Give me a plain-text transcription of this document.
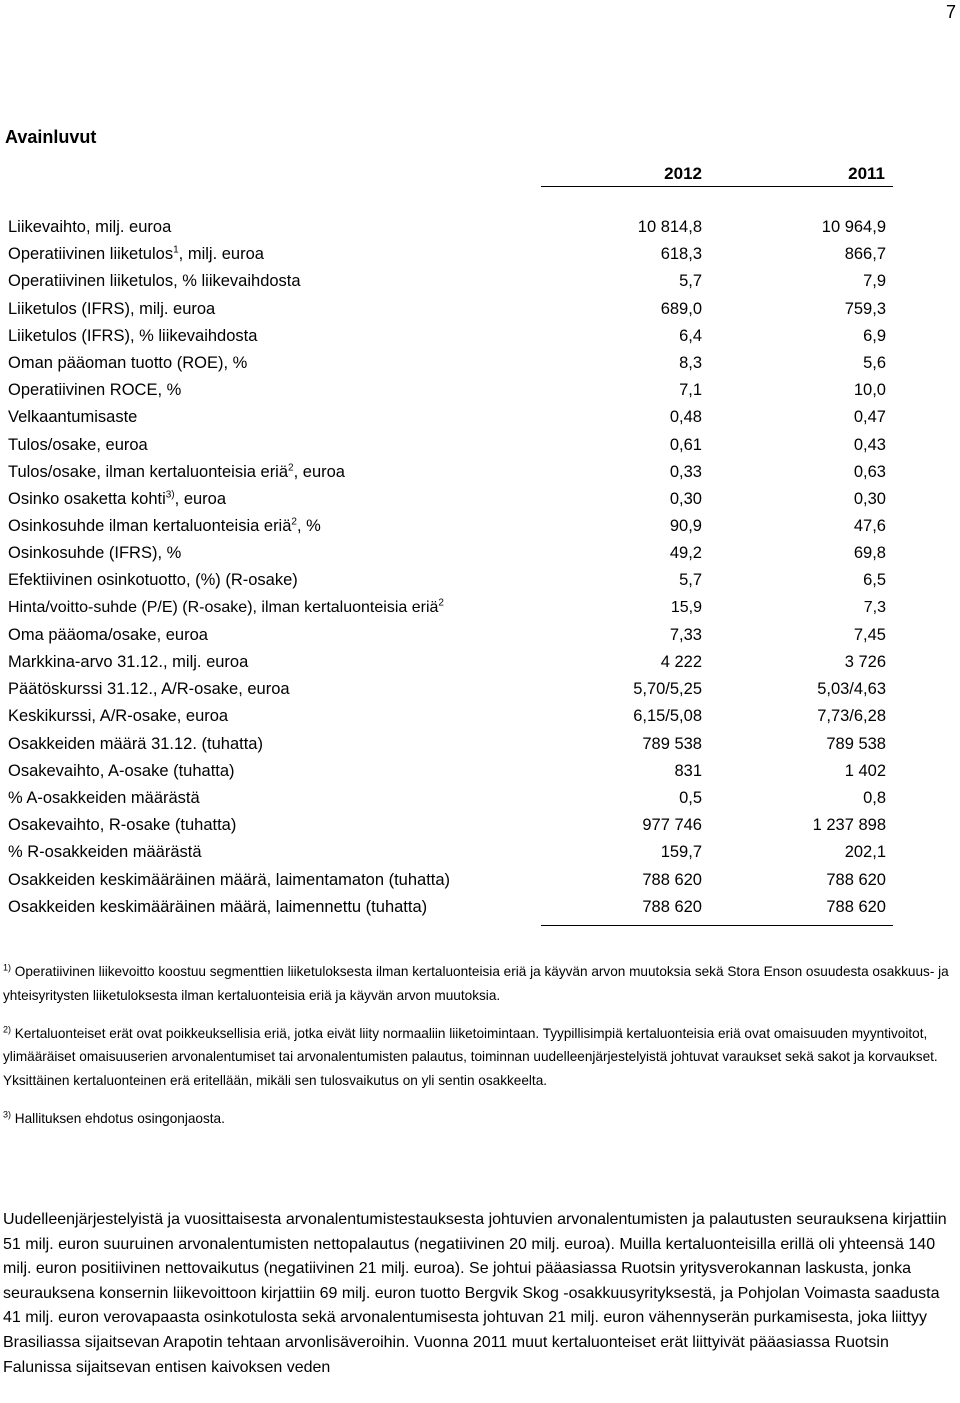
7
Avainluvut
2012	2011
Liikevaihto, milj. euroa	10 814,8	10 964,9
Operatiivinen liiketulos$^1$, milj. euroa	618,3	866,7
Operatiivinen liiketulos, % liikevaihdosta	5,7	7,9
Liiketulos (IFRS), milj. euroa	689,0	759,3
Liiketulos (IFRS), % liikevaihdosta	6,4	6,9
Oman pääoman tuotto (ROE), %	8,3	5,6
Operatiivinen ROCE, %	7,1	10,0
Velkaantumisaste	0,48	0,47
Tulos/osake, euroa	0,61	0,43
Tulos/osake, ilman kertaluonteisia eriä$^2$, euroa	0,33	0,63
Osinko osaketta kohti$^{3)}$, euroa	0,30	0,30
Osinkosuhde ilman kertaluonteisia eriä$^2$, %	90,9	47,6
Osinkosuhde (IFRS), %	49,2	69,8
Efektiivinen osinkotuotto, (%) (R-osake)	5,7	6,5
Hinta/voitto-suhde (P/E) (R-osake), ilman kertaluonteisia eriä$^2$	15,9	7,3
Oma pääoma/osake, euroa	7,33	7,45
Markkina-arvo 31.12., milj. euroa	4 222	3 726
Päätöskurssi 31.12., A/R-osake, euroa	5,70/5,25	5,03/4,63
Keskikurssi, A/R-osake, euroa	6,15/5,08	7,73/6,28
Osakkeiden määrä 31.12. (tuhatta)	789 538	789 538
Osakevaihto, A-osake (tuhatta)	831	1 402
% A-osakkeiden määrästä	0,5	0,8
Osakevaihto, R-osake (tuhatta)	977 746	1 237 898
% R-osakkeiden määrästä	159,7	202,1
Osakkeiden keskimääräinen määrä, laimentamaton (tuhatta)	788 620	788 620
Osakkeiden keskimääräinen määrä, laimennettu (tuhatta)	788 620	788 620

$^{1)}$ Operatiivinen liikevoitto koostuu segmenttien liiketuloksesta ilman kertaluonteisia eriä ja käyvän arvon muutoksia sekä Stora Enson osuudesta osakkuus- ja yhteisyritysten liiketuloksesta ilman kertaluonteisia eriä ja käyvän arvon muutoksia.

$^{2)}$ Kertaluonteiset erät ovat poikkeuksellisia eriä, jotka eivät liity normaaliin liiketoimintaan. Tyypillisimpiä kertaluonteisia eriä ovat omaisuuden myyntivoitot, ylimääräiset omaisuuserien arvonalentumiset tai arvonalentumisten palautus, toiminnan uudelleenjärjestelyistä johtuvat varaukset sekä sakot ja korvaukset. Yksittäinen kertaluonteinen erä eritellään, mikäli sen tulosvaikutus on yli sentin osakkeelta.

$^{3)}$ Hallituksen ehdotus osingonjaosta.

Uudelleenjärjestelyistä ja vuosittaisesta arvonalentumistestauksesta johtuvien arvonalentumisten ja palautusten seurauksena kirjattiin 51 milj. euron suuruinen arvonalentumisten nettopalautus (negatiivinen 20 milj. euroa). Muilla kertaluonteisilla erillä oli yhteensä 140 milj. euron positiivinen nettovaikutus (negatiivinen 21 milj. euroa). Se johtui pääasiassa Ruotsin yritysverokannan laskusta, jonka seurauksena konsernin liikevoittoon kirjattiin 69 milj. euron tuotto Bergvik Skog -osakkuusyrityksestä, ja Pohjolan Voimasta saadusta 41 milj. euron verovapaasta osinkotulosta sekä arvonalentumisesta johtuvan 21 milj. euron vähennyserän purkamisesta, joka liittyy Brasiliassa sijaitsevan Arapotin tehtaan arvonlisäveroihin. Vuonna 2011 muut kertaluonteiset erät liittyivät pääasiassa Ruotsin Falunissa sijaitsevan entisen kaivoksen veden
